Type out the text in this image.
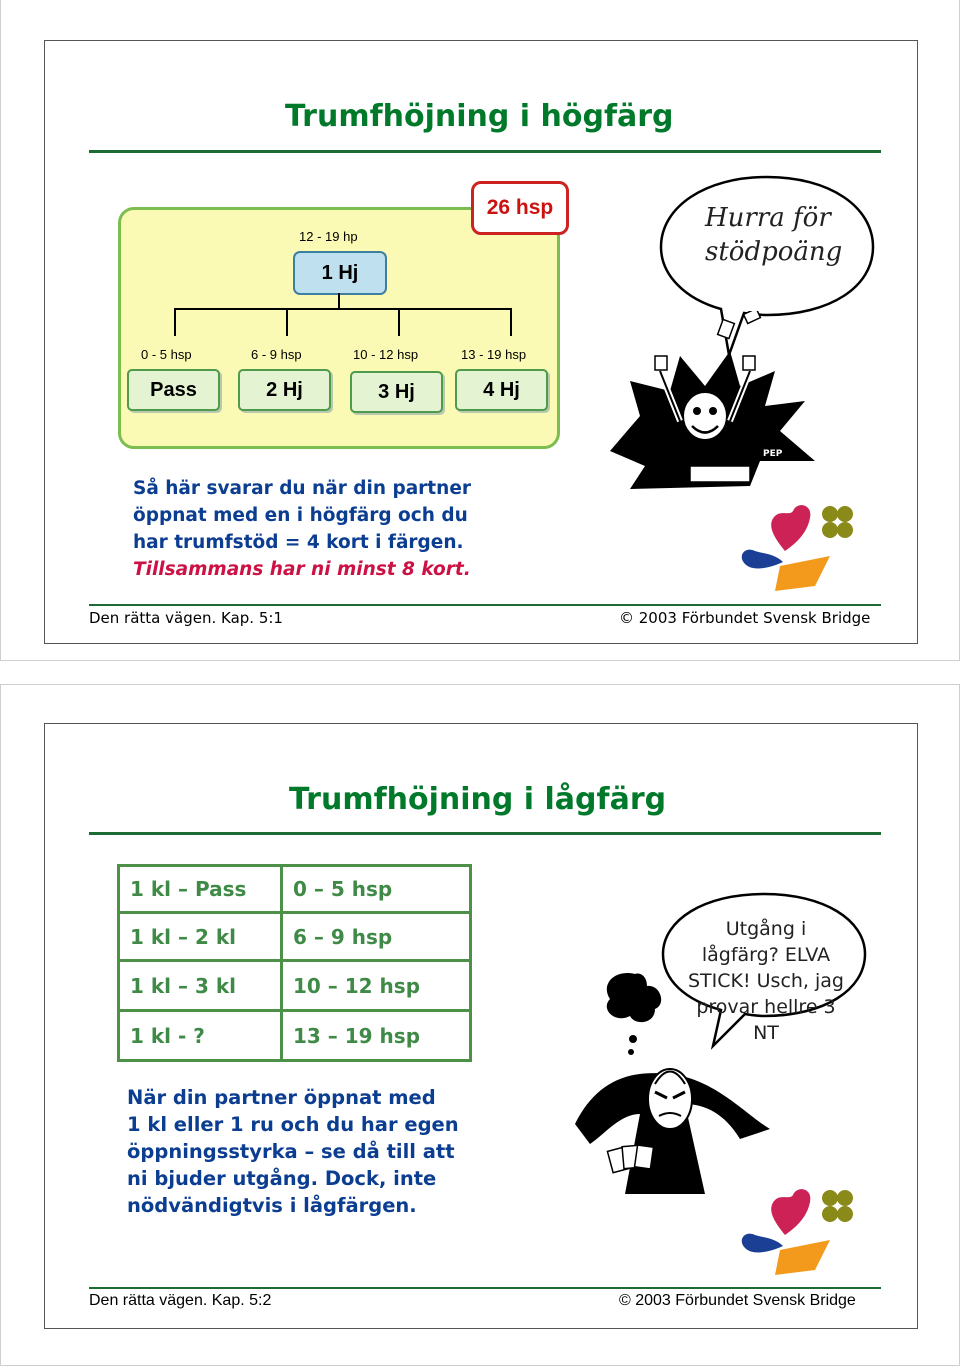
Trumfhöjning i högfärg
12 - 19 hp
1 Hj
26 hsp
0 - 5 hsp	6 - 9 hsp	10 - 12 hsp	13 - 19 hsp
Pass	2 Hj	3 Hj	4 Hj
Hurra för
stödpoäng
PEP
Så här svarar du när din partner
öppnat med en i högfärg och du
har trumfstöd = 4 kort i färgen.
Tillsammans har ni minst 8 kort.
Den rätta vägen. Kap. 5:1	© 2003 Förbundet Svensk Bridge
Trumfhöjning i lågfärg
1 kl – Pass	0 – 5 hsp
1 kl – 2 kl	6 – 9 hsp
1 kl – 3 kl	10 – 12 hsp
1 kl - ?	13 – 19 hsp
Utgång i
lågfärg? ELVA
STICK! Usch, jag
provar hellre 3 NT
PEP
När din partner öppnat med
1 kl eller 1 ru och du har egen
öppningsstyrka – se då till att
ni bjuder utgång. Dock, inte
nödvändigtvis i lågfärgen.
Den rätta vägen. Kap. 5:2	© 2003 Förbundet Svensk Bridge
